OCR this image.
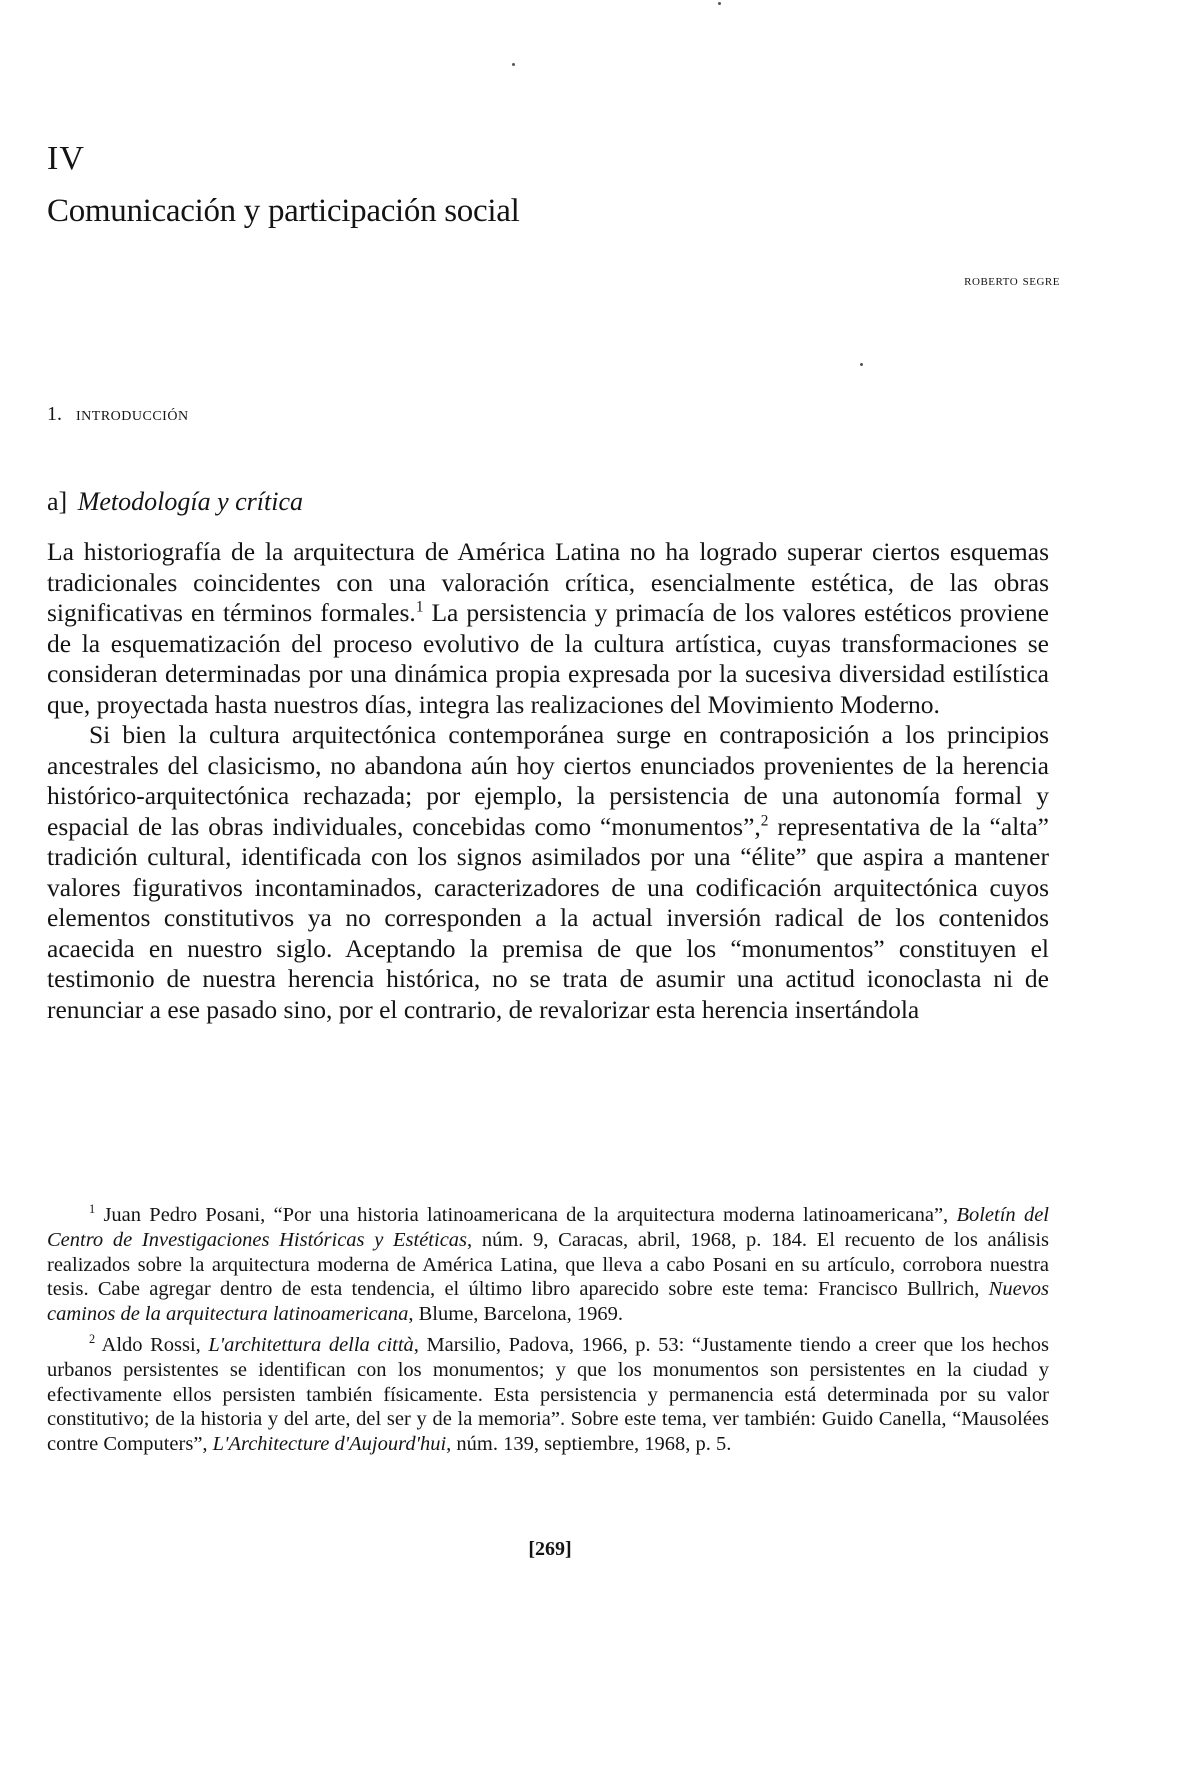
IV
Comunicación y participación social
roberto segre
1. introducción
a] Metodología y crítica

La historiografía de la arquitectura de América Latina no ha logrado superar ciertos esquemas tradicionales coincidentes con una valoración crítica, esencialmente estética, de las obras significativas en términos formales.$^1$ La persistencia y primacía de los valores estéticos proviene de la esquematización del proceso evolutivo de la cultura artística, cuyas transformaciones se consideran determinadas por una dinámica propia expresada por la sucesiva diversidad estilística que, proyectada hasta nuestros días, integra las realizaciones del Movimiento Moderno.

Si bien la cultura arquitectónica contemporánea surge en contraposición a los principios ancestrales del clasicismo, no abandona aún hoy ciertos enunciados provenientes de la herencia histórico-arquitectónica rechazada; por ejemplo, la persistencia de una autonomía formal y espacial de las obras individuales, concebidas como “monumentos”,$^2$ representativa de la “alta” tradición cultural, identificada con los signos asimilados por una “élite” que aspira a mantener valores figurativos incontaminados, caracterizadores de una codificación arquitectónica cuyos elementos constitutivos ya no corresponden a la actual inversión radical de los contenidos acaecida en nuestro siglo. Aceptando la premisa de que los “monumentos” constituyen el testimonio de nuestra herencia histórica, no se trata de asumir una actitud iconoclasta ni de renunciar a ese pasado sino, por el contrario, de revalorizar esta herencia insertándola

$^1$ Juan Pedro Posani, “Por una historia latinoamericana de la arquitectura moderna latinoamericana”, Boletín del Centro de Investigaciones Históricas y Estéticas, núm. 9, Caracas, abril, 1968, p. 184. El recuento de los análisis realizados sobre la arquitectura moderna de América Latina, que lleva a cabo Posani en su artículo, corrobora nuestra tesis. Cabe agregar dentro de esta tendencia, el último libro aparecido sobre este tema: Francisco Bullrich, Nuevos caminos de la arquitectura latinoamericana, Blume, Barcelona, 1969.

$^2$ Aldo Rossi, L'architettura della città, Marsilio, Padova, 1966, p. 53: “Justamente tiendo a creer que los hechos urbanos persistentes se identifican con los monumentos; y que los monumentos son persistentes en la ciudad y efectivamente ellos persisten también físicamente. Esta persistencia y permanencia está determinada por su valor constitutivo; de la historia y del arte, del ser y de la memoria”. Sobre este tema, ver también: Guido Canella, “Mausolées contre Computers”, L'Architecture d'Aujourd'hui, núm. 139, septiembre, 1968, p. 5.

[269]
